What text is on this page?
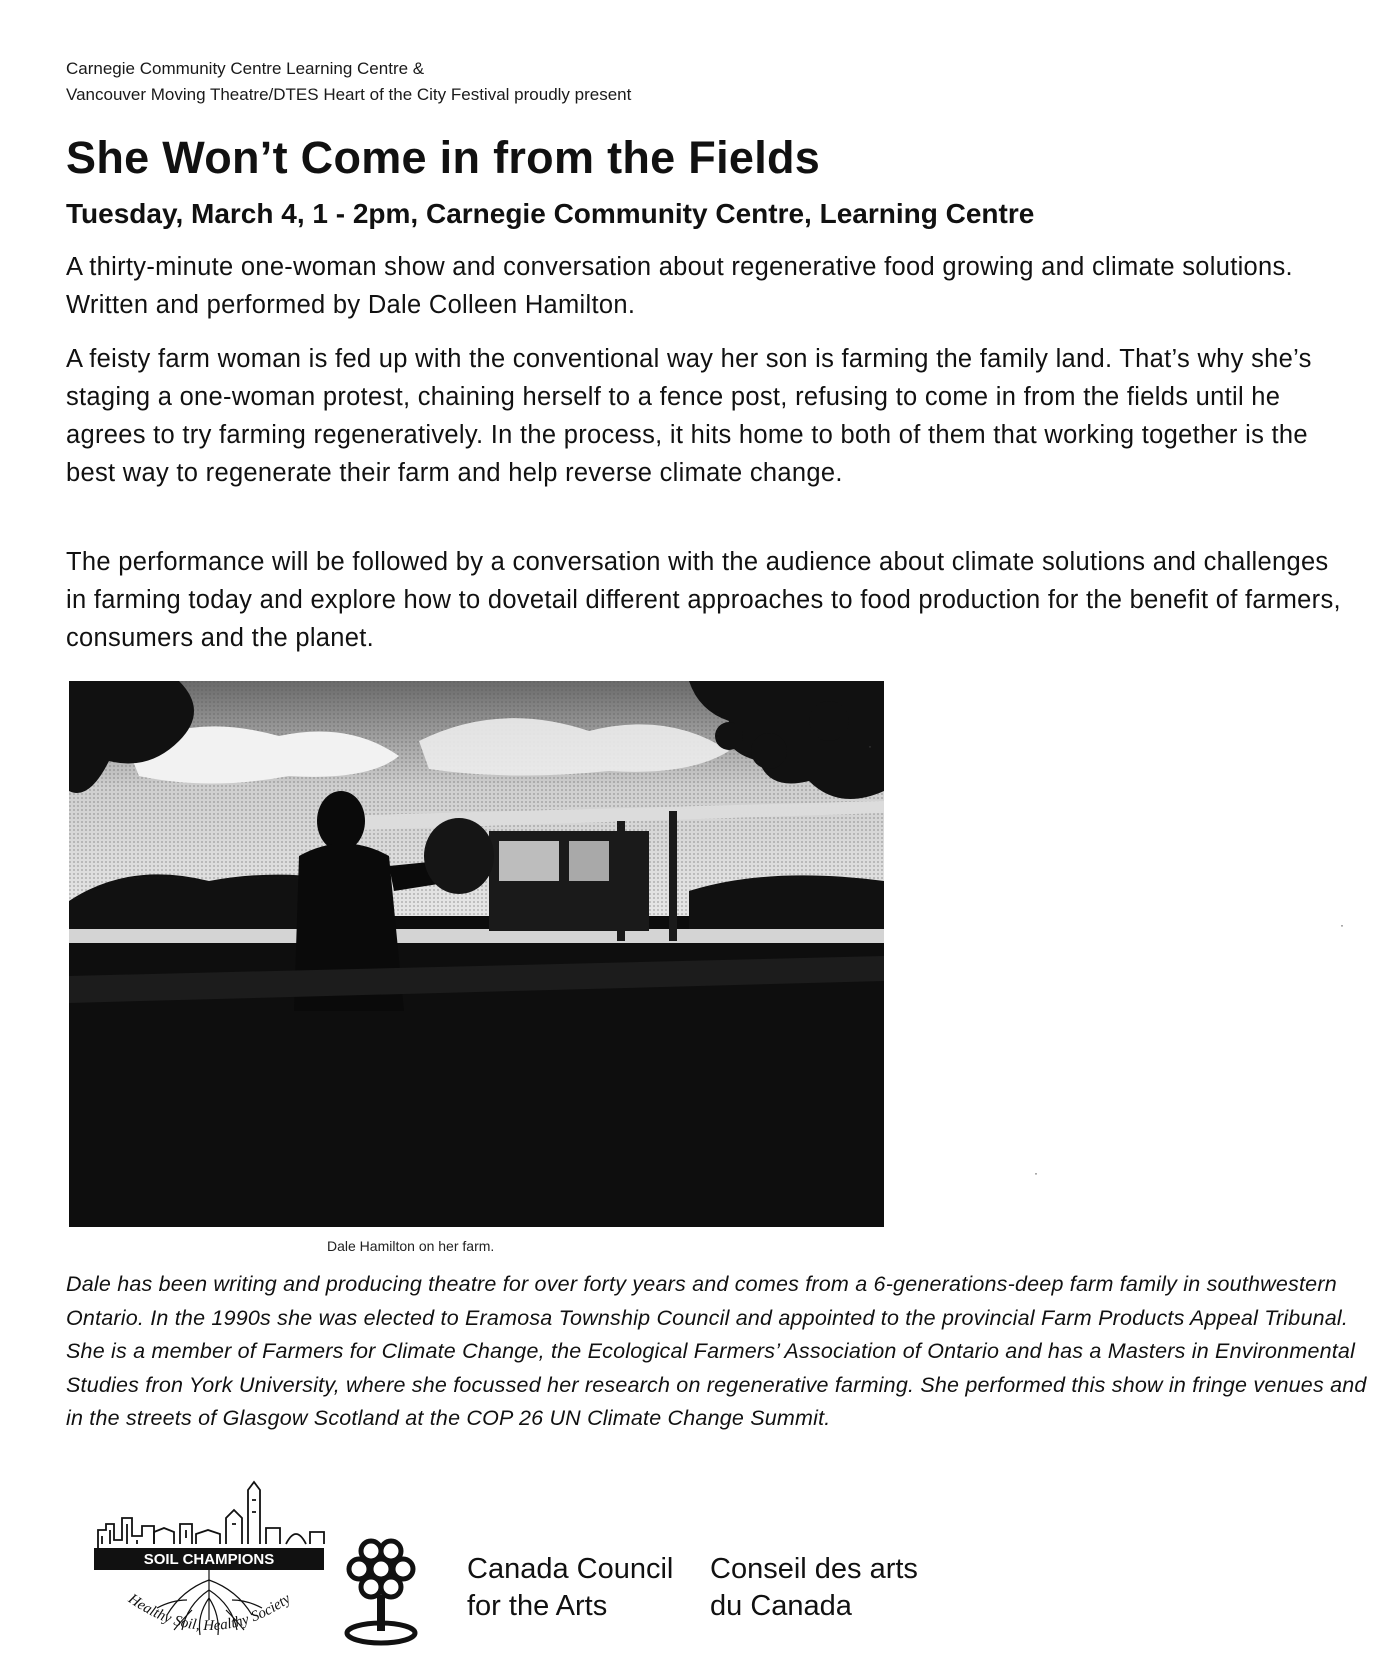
Carnegie Community Centre Learning Centre &
Vancouver Moving Theatre/DTES Heart of the City Festival proudly present
She Won’t Come in from the Fields
Tuesday, March 4, 1 - 2pm, Carnegie Community Centre, Learning Centre

A thirty-minute one-woman show and conversation about regenerative food growing and climate solutions. Written and performed by Dale Colleen Hamilton.

A feisty farm woman is fed up with the conventional way her son is farming the family land. That’s why she’s staging a one-woman protest, chaining herself to a fence post, refusing to come in from the fields until he agrees to try farming regeneratively. In the process, it hits home to both of them that working together is the best way to regenerate their farm and help reverse climate change.

The performance will be followed by a conversation with the audience about climate solutions and challenges in farming today and explore how to dovetail different approaches to food production for the benefit of farmers, consumers and the planet.

Dale Hamilton on her farm.

Dale has been writing and producing theatre for over forty years and comes from a 6-generations-deep farm family in southwestern Ontario. In the 1990s she was elected to Eramosa Township Council and appointed to the provincial Farm Products Appeal Tribunal. She is a member of Farmers for Climate Change, the Ecological Farmers’ Association of Ontario and has a Masters in Environmental Studies fron York University, where she focussed her research on regenerative farming. She performed this show in fringe venues and in the streets of Glasgow Scotland at the COP 26 UN Climate Change Summit.

·
·
·
SOIL CHAMPIONS
Healthy Soil, Healthy Society
Canada Council
for the Arts
Conseil des arts
du Canada
